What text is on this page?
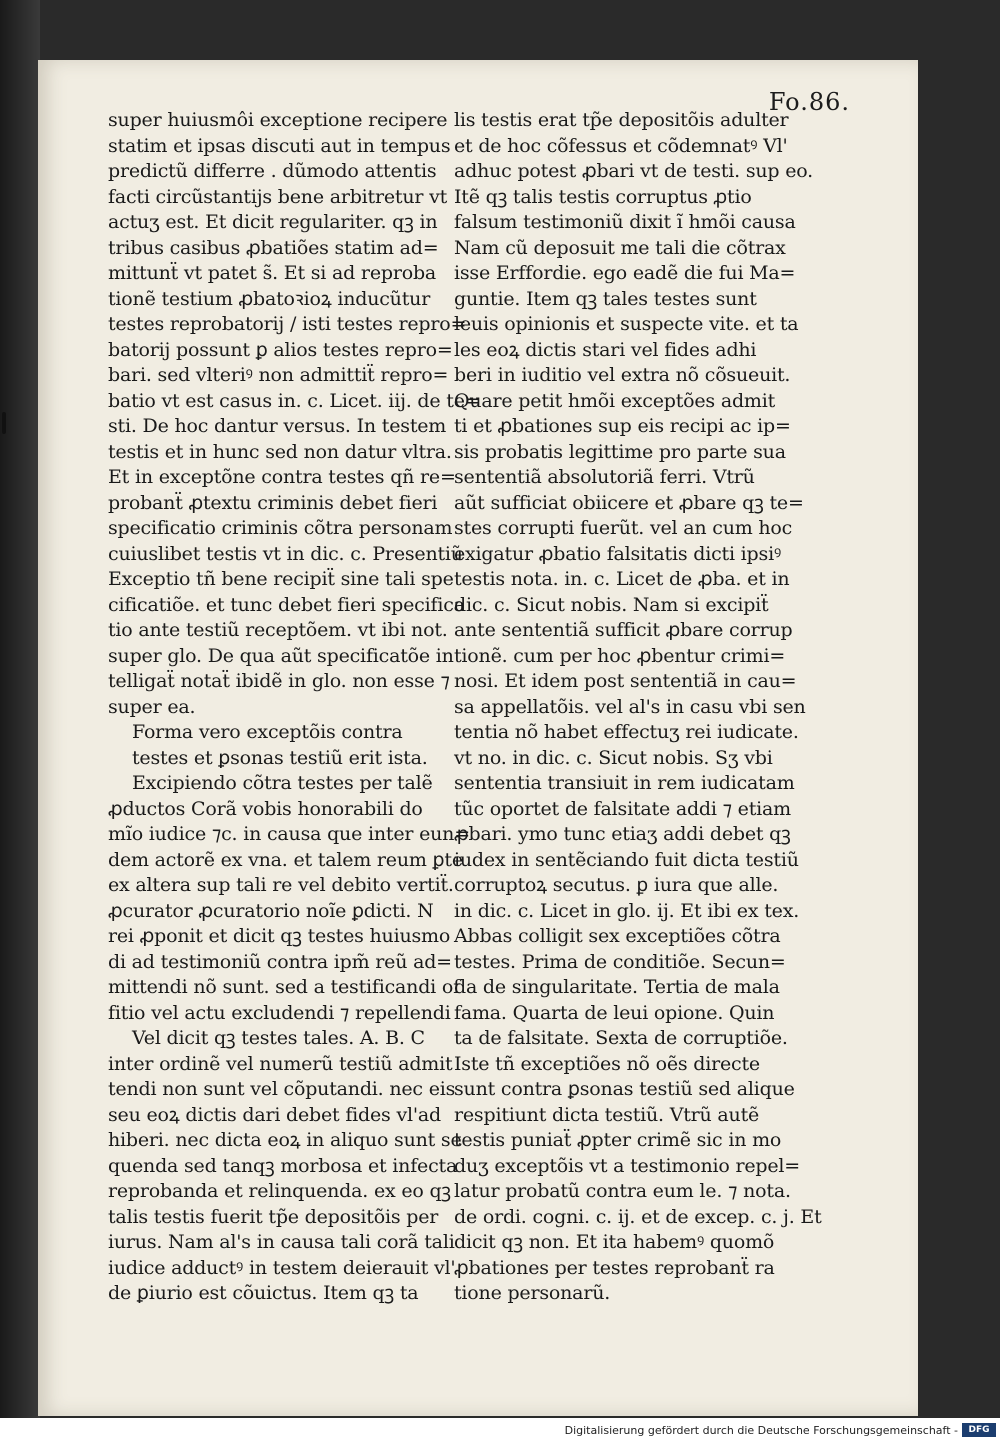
Fo.86.
super huiusmôi exceptione recipere
statim et ipsas discuti aut in tempus
predictũ differre . dũmodo attentis
facti circũstantijs bene arbitretur vt
actuʒ est. Et dicit regulariter. qꝫ in
tribus casibus ꝓbatiões statim ad=
mittunẗ vt patet s̃. Et si ad reproba
tionẽ testium ꝓbatoꝛioꝝ inducũtur
testes reprobatorij / isti testes repro=
batorij possunt ꝑ alios testes repro=
bari. sed vlteriꝰ non admittiẗ repro=
batio vt est casus in. c. Licet. iij. de te=
sti. De hoc dantur versus. In testem
testis et in hunc sed non datur vltra.
Et in exceptõne contra testes qñ re=
probanẗ ꝓtextu criminis debet fieri
specificatio criminis cõtra personam
cuiuslibet testis vt in dic. c. Presentiũ
Exceptio tñ bene recipiẗ sine tali spe
cificatiõe. et tunc debet fieri specifica
tio ante testiũ receptõem. vt ibi not.
super glo. De qua aũt specificatõe in
telligaẗ notaẗ ibidẽ in glo. non esse ⁊
super ea.
Forma vero exceptõis contra
testes et ꝑsonas testiũ erit ista.
Excipiendo cõtra testes per talẽ
ꝓductos Corã vobis honorabili do
mĩo iudice ⁊c. in causa que inter eun=
dem actorẽ ex vna. et talem reum ꝑte
ex altera sup tali re vel debito vertiẗ.
ꝓcurator ꝓcuratorio noĩe ꝑdicti. N
rei ꝓponit et dicit qꝫ testes huiusmo
di ad testimoniũ contra ipm̃ reũ ad=
mittendi nõ sunt. sed a testificandi of
fitio vel actu excludendi ⁊ repellendi
Vel dicit qꝫ testes tales. A. B. C
inter ordinẽ vel numerũ testiũ admit
tendi non sunt vel cõputandi. nec eis
seu eoꝝ dictis dari debet fides vl'ad
hiberi. nec dicta eoꝝ in aliquo sunt se
quenda sed tanqꝫ morbosa et infecta
reprobanda et relinquenda. ex eo qꝫ
talis testis fuerit tp̃e depositõis per
iurus. Nam al's in causa tali corã tali
iudice adductꝰ in testem deierauit vl'
de ꝑiurio est cõuictus. Item qꝫ ta
lis testis erat tp̃e depositõis adulter
et de hoc cõfessus et cõdemnatꝰ Vl'
adhuc potest ꝓbari vt de testi. sup eo.
Itẽ qꝫ talis testis corruptus ꝓtio
falsum testimoniũ dixit ĩ hmõi causa
Nam cũ deposuit me tali die cõtrax
isse Erffordie. ego eadẽ die fui Ma=
guntie. Item qꝫ tales testes sunt
leuis opinionis et suspecte vite. et ta
les eoꝝ dictis stari vel fides adhi
beri in iuditio vel extra nõ cõsueuit.
Quare petit hmõi exceptões admit
ti et ꝓbationes sup eis recipi ac ip=
sis probatis legittime pro parte sua
sententiã absolutoriã ferri. Vtrũ
aũt sufficiat obiicere et ꝓbare qꝫ te=
stes corrupti fuerũt. vel an cum hoc
exigatur ꝓbatio falsitatis dicti ipsiꝰ
testis nota. in. c. Licet de ꝓba. et in
dic. c. Sicut nobis. Nam si excipiẗ
ante sententiã sufficit ꝓbare corrup
tionẽ. cum per hoc ꝓbentur crimi=
nosi. Et idem post sententiã in cau=
sa appellatõis. vel al's in casu vbi sen
tentia nõ habet effectuʒ rei iudicate.
vt no. in dic. c. Sicut nobis. Sʒ vbi
sententia transiuit in rem iudicatam
tũc oportet de falsitate addi ⁊ etiam
ꝓbari. ymo tunc etiaʒ addi debet qꝫ
iudex in sentẽciando fuit dicta testiũ
corruptoꝝ secutus. ꝑ iura que alle.
in dic. c. Licet in glo. ij. Et ibi ex tex.
Abbas colligit sex exceptiões cõtra
testes. Prima de conditiõe. Secun=
da de singularitate. Tertia de mala
fama. Quarta de leui opione. Quin
ta de falsitate. Sexta de corruptiõe.
Iste tñ exceptiões nõ oẽs directe
sunt contra ꝑsonas testiũ sed alique
respitiunt dicta testiũ. Vtrũ autẽ
testis puniaẗ ꝓpter crimẽ sic in mo
duʒ exceptõis vt a testimonio repel=
latur probatũ contra eum le. ⁊ nota.
de ordi. cogni. c. ij. et de excep. c. j. Et
dicit qꝫ non. Et ita habemꝰ quomõ
ꝓbationes per testes reprobanẗ ra
tione personarũ.
Digitalisierung gefördert durch die Deutsche Forschungsgemeinschaft -	DFG
